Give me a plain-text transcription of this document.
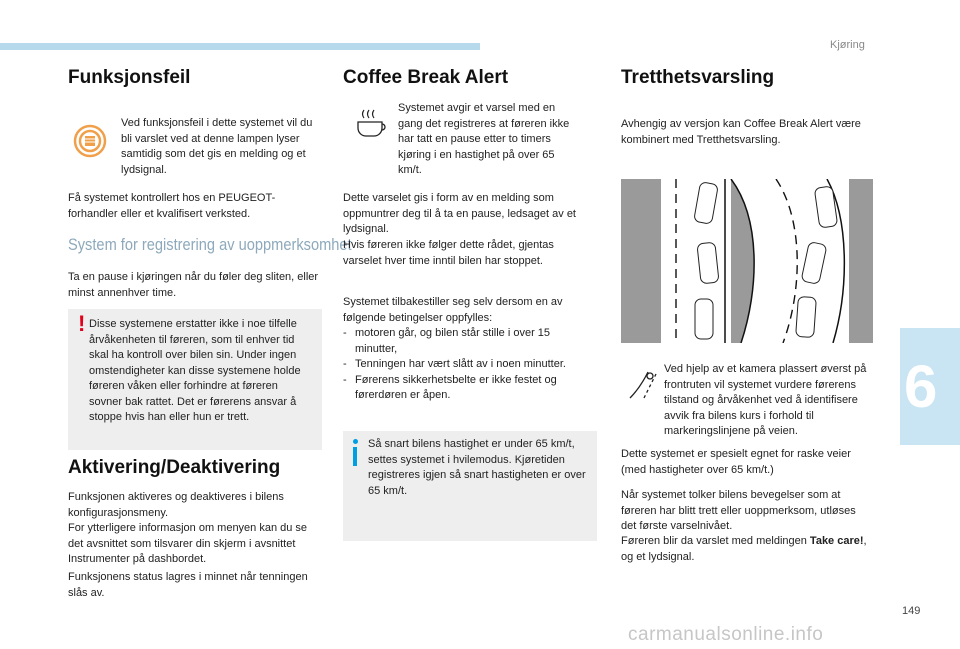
Kjøring
6
149
carmanualsonline.info
Funksjonsfeil

Ved funksjonsfeil i dette systemet vil du bli varslet ved at denne lampen lyser samtidig som det gis en melding og et lydsignal.

Få systemet kontrollert hos en PEUGEOT-forhandler eller et kvalifisert verksted.

System for registrering av uoppmerksomhet

Ta en pause i kjøringen når du føler deg sliten, eller minst annenhver time.

! Disse systemene erstatter ikke i noe tilfelle årvåkenheten til føreren, som til enhver tid skal ha kontroll over bilen sin. Under ingen omstendigheter kan disse systemene holde føreren våken eller forhindre at føreren sovner bak rattet. Det er førerens ansvar å stoppe hvis han eller hun er trett.

Aktivering/Deaktivering

Funksjonen aktiveres og deaktiveres i bilens konfigurasjonsmeny.

For ytterligere informasjon om menyen kan du se det avsnittet som tilsvarer din skjerm i avsnittet Instrumenter på dashbordet.

Funksjonens status lagres i minnet når tenningen slås av.

Coffee Break Alert

Systemet avgir et varsel med en gang det registreres at føreren ikke har tatt en pause etter to timers kjøring i en hastighet på over 65 km/t.

Dette varselet gis i form av en melding som oppmuntrer deg til å ta en pause, ledsaget av et lydsignal.

Hvis føreren ikke følger dette rådet, gjentas varselet hver time inntil bilen har stoppet.

Systemet tilbakestiller seg selv dersom en av følgende betingelser oppfylles:

- motoren går, og bilen står stille i over 15 minutter,
- Tenningen har vært slått av i noen minutter.
- Førerens sikkerhetsbelte er ikke festet og førerdøren er åpen.

Så snart bilens hastighet er under 65 km/t, settes systemet i hvilemodus. Kjøretiden registreres igjen så snart hastigheten er over 65 km/t.

Tretthetsvarsling

Avhengig av versjon kan Coffee Break Alert være kombinert med Tretthetsvarsling.

Ved hjelp av et kamera plassert øverst på frontruten vil systemet vurdere førerens tilstand og årvåkenhet ved å identifisere avvik fra bilens kurs i forhold til markeringslinjene på veien.

Dette systemet er spesielt egnet for raske veier (med hastigheter over 65 km/t.)

Når systemet tolker bilens bevegelser som at føreren har blitt trett eller uoppmerksom, utløses det første varselnivået.

Føreren blir da varslet med meldingen Take care!, og et lydsignal.
